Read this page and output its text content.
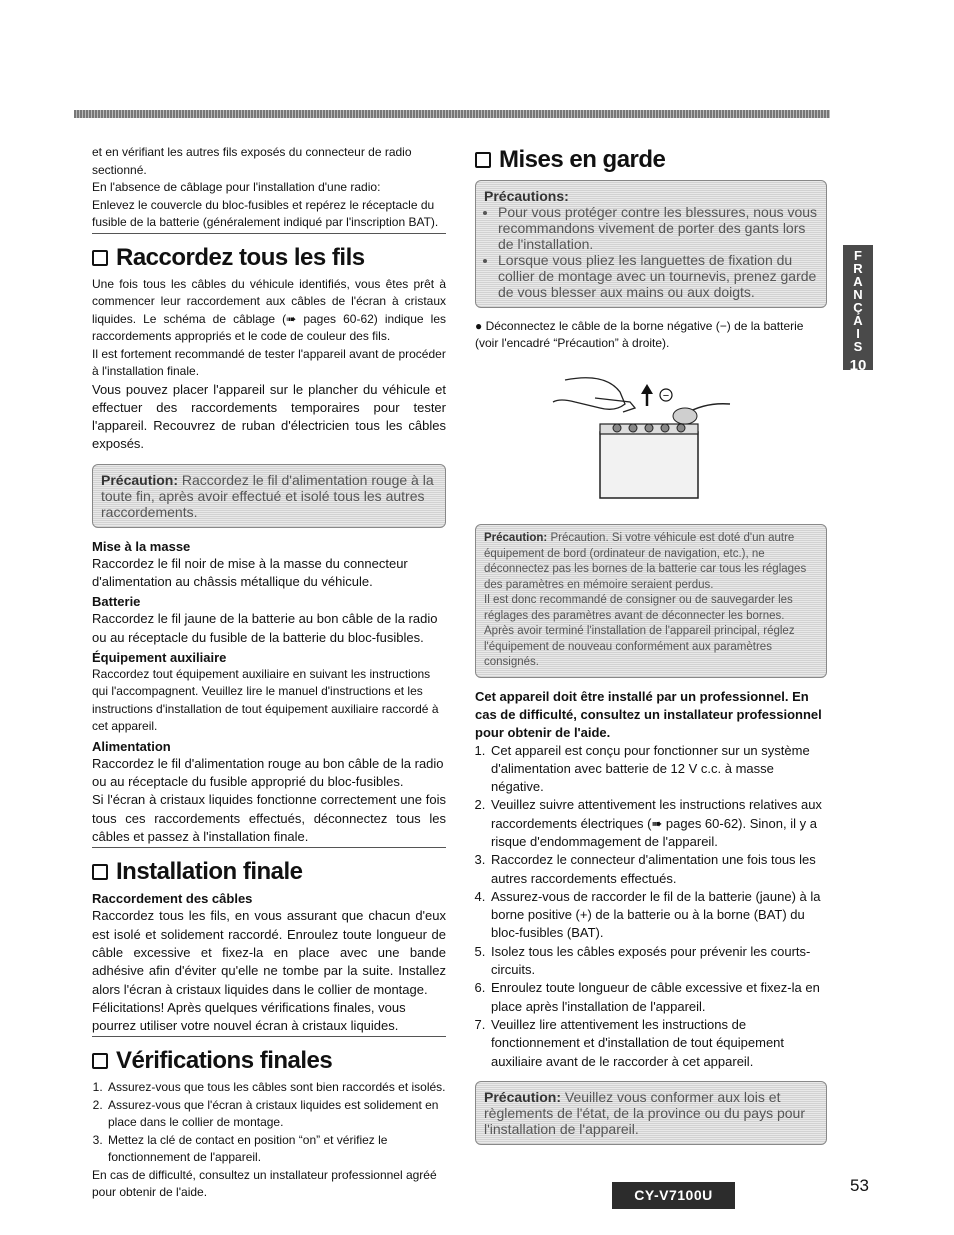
et en vérifiant les autres fils exposés du connecteur de radio sectionné.

En l'absence de câblage pour l'installation d'une radio:

Enlevez le couvercle du bloc-fusibles et repérez le réceptacle du fusible de la batterie (généralement indiqué par l'inscription BAT).

Raccordez tous les fils

Une fois tous les câbles du véhicule identifiés, vous êtes prêt à commencer leur raccordement aux câbles de l'écran à cristaux liquides. Le schéma de câblage (➠ pages 60-62) indique les raccordements appropriés et le code de couleur des fils.

Il est fortement recommandé de tester l'appareil avant de procéder à l'installation finale.

Vous pouvez placer l'appareil sur le plancher du véhicule et effectuer des raccordements temporaires pour tester l'appareil. Recouvrez de ruban d'électricien tous les câbles exposés.

Précaution: Raccordez le fil d'alimentation rouge à la toute fin, après avoir effectué et isolé tous les autres raccordements.
Mise à la masse

Raccordez le fil noir de mise à la masse du connecteur d'alimentation au châssis métallique du véhicule.

Batterie

Raccordez le fil jaune de la batterie au bon câble de la radio ou au réceptacle du fusible de la batterie du bloc-fusibles.

Équipement auxiliaire

Raccordez tout équipement auxiliaire en suivant les instructions qui l'accompagnent. Veuillez lire le manuel d'instructions et les instructions d'installation de tout équipement auxiliaire raccordé à cet appareil.

Alimentation

Raccordez le fil d'alimentation rouge au bon câble de la radio ou au réceptacle du fusible approprié du bloc-fusibles.

Si l'écran à cristaux liquides fonctionne correctement une fois tous ces raccordements effectués, déconnectez tous les câbles et passez à l'installation finale.

Installation finale
Raccordement des câbles

Raccordez tous les fils, en vous assurant que chacun d'eux est isolé et solidement raccordé. Enroulez toute longueur de câble excessive et fixez-la en place avec une bande adhésive afin d'éviter qu'elle ne tombe par la suite. Installez alors l'écran à cristaux liquides dans le collier de montage.

Félicitations! Après quelques vérifications finales, vous pourrez utiliser votre nouvel écran à cristaux liquides.

Vérifications finales
1. Assurez-vous que tous les câbles sont bien raccordés et isolés.
2. Assurez-vous que l'écran à cristaux liquides est solidement en place dans le collier de montage.
3. Mettez la clé de contact en position “on” et vérifiez le fonctionnement de l'appareil.

En cas de difficulté, consultez un installateur professionnel agréé pour obtenir de l'aide.

Mises en garde
Précautions:
• Pour vous protéger contre les blessures, nous vous recommandons vivement de porter des gants lors de l'installation.
• Lorsque vous pliez les languettes de fixation du collier de montage avec un tournevis, prenez garde de vous blesser aux mains ou aux doigts.
● Déconnectez le câble de la borne négative (−) de la batterie (voir l'encadré “Précaution” à droite).
−
Précaution: Précaution. Si votre véhicule est doté d'un autre équipement de bord (ordinateur de navigation, etc.), ne déconnectez pas les bornes de la batterie car tous les réglages des paramètres en mémoire seraient perdus.
Il est donc recommandé de consigner ou de sauvegarder les réglages des paramètres avant de déconnecter les bornes.
Après avoir terminé l'installation de l'appareil principal, réglez l'équipement de nouveau conformément aux paramètres consignés.

Cet appareil doit être installé par un professionnel. En cas de difficulté, consultez un installateur professionnel pour obtenir de l'aide.

1. Cet appareil est conçu pour fonctionner sur un système d'alimentation avec batterie de 12 V c.c. à masse négative.
2. Veuillez suivre attentivement les instructions relatives aux raccordements électriques (➠ pages 60-62). Sinon, il y a risque d'endommagement de l'appareil.
3. Raccordez le connecteur d'alimentation une fois tous les autres raccordements effectués.
4. Assurez-vous de raccorder le fil de la batterie (jaune) à la borne positive (+) de la batterie ou à la borne (BAT) du bloc-fusibles (BAT).
5. Isolez tous les câbles exposés pour prévenir les courts-circuits.
6. Enroulez toute longueur de câble excessive et fixez-la en place après l'installation de l'appareil.
7. Veuillez lire attentivement les instructions de fonctionnement et d'installation de tout équipement auxiliaire avant de le raccorder à cet appareil.
Précaution: Veuillez vous conformer aux lois et règlements de l'état, de la province ou du pays pour l'installation de l'appareil.
F
R
A
N
Ç
A
I
S
10
CY-V7100U	53
